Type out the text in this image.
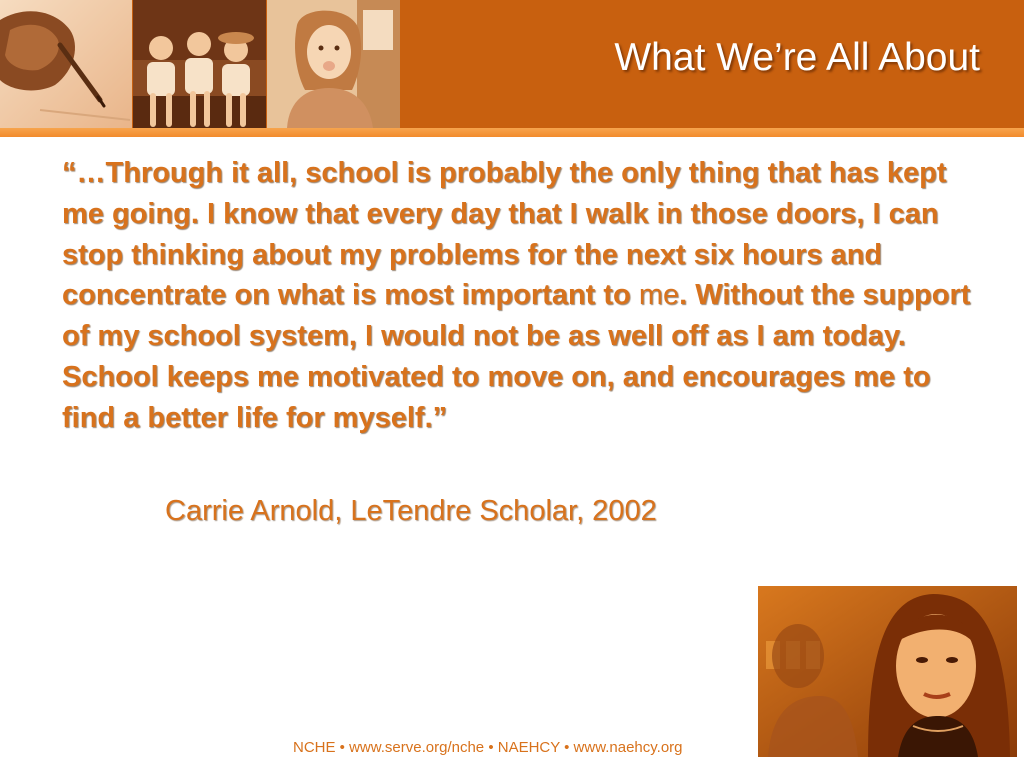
What We’re All About

“…Through it all, school is probably the only thing that has kept me going. I know that every day that I walk in those doors, I can stop thinking about my problems for the next six hours and concentrate on what is most important to me. Without the support of my school system, I would not be as well off as I am today. School keeps me motivated to move on, and encourages me to find a better life for myself.”

Carrie Arnold, LeTendre Scholar, 2002
NCHE • www.serve.org/nche • NAEHCY • www.naehcy.org
